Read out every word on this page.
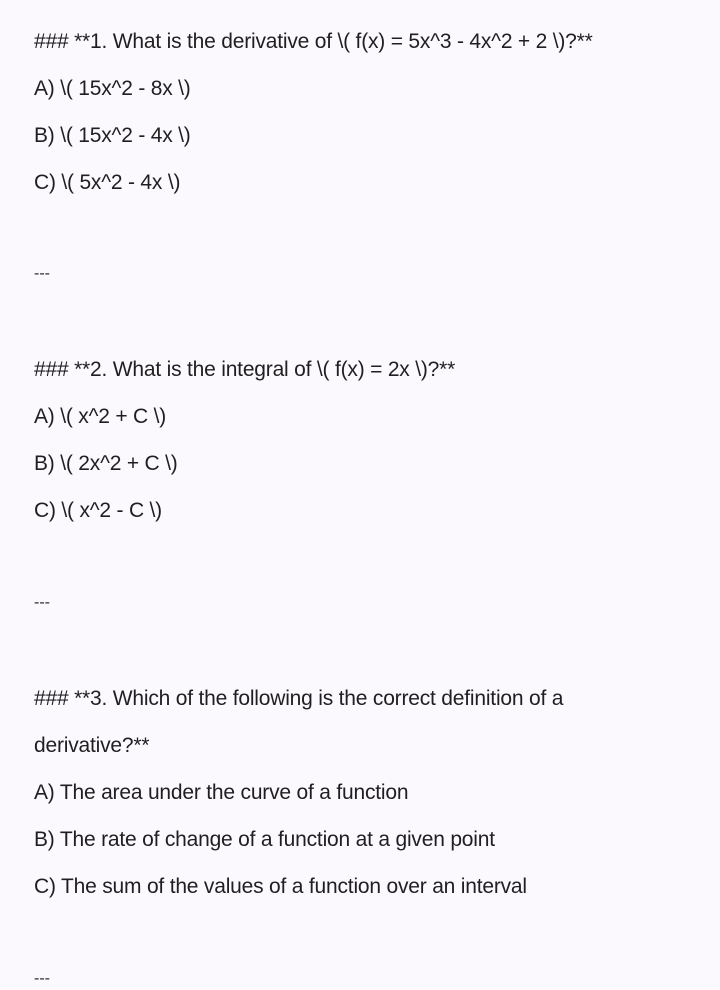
### **1. What is the derivative of \( f(x) = 5x^3 - 4x^2 + 2 \)?**
A) \( 15x^2 - 8x \)
B) \( 15x^2 - 4x \)
C) \( 5x^2 - 4x \)
---
### **2. What is the integral of \( f(x) = 2x \)?**
A) \( x^2 + C \)
B) \( 2x^2 + C \)
C) \( x^2 - C \)
---
### **3. Which of the following is the correct definition of a
derivative?**
A) The area under the curve of a function
B) The rate of change of a function at a given point
C) The sum of the values of a function over an interval
---
